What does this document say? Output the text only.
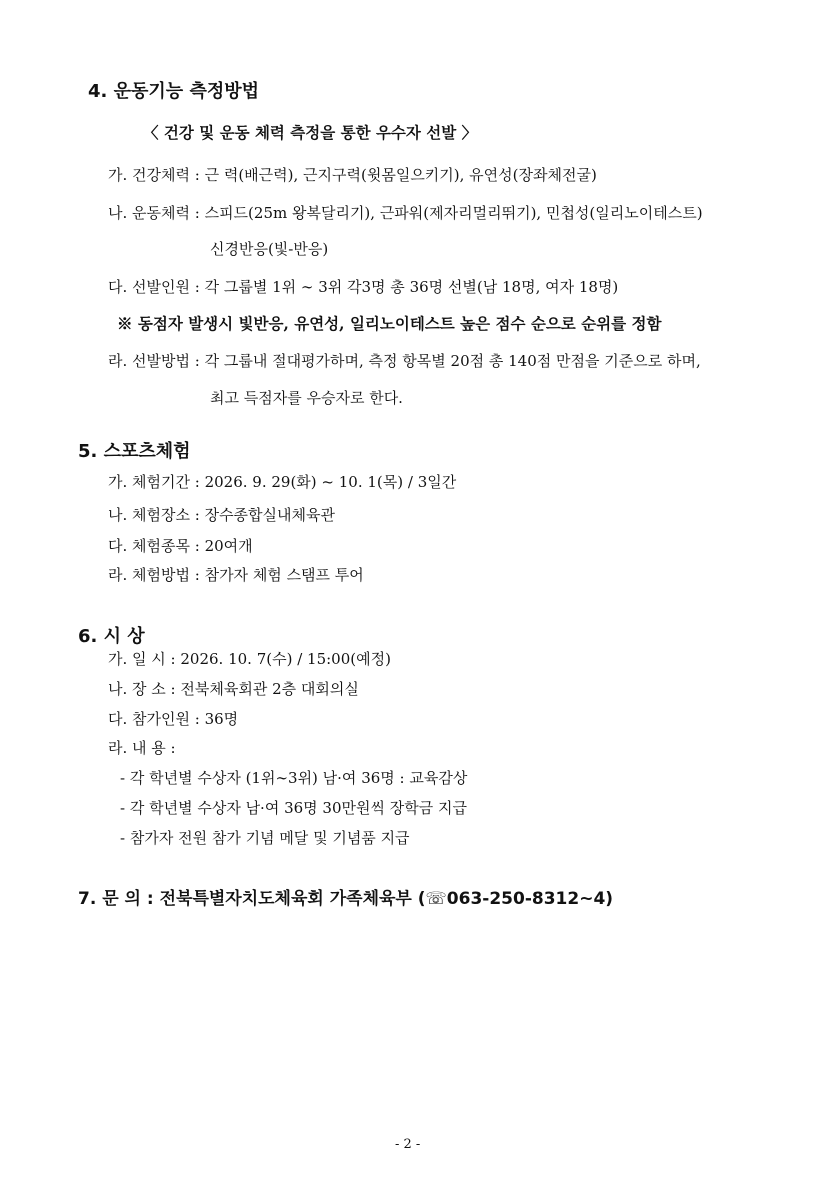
4. 운동기능 측정방법
〈 건강 및 운동 체력 측정을 통한 우수자 선발 〉
가. 건강체력 : 근 력(배근력), 근지구력(윗몸일으키기), 유연성(장좌체전굴)
나. 운동체력 : 스피드(25m 왕복달리기), 근파워(제자리멀리뛰기), 민첩성(일리노이테스트)
신경반응(빛-반응)
다. 선발인원 : 각 그룹별 1위 ∼ 3위 각3명 총 36명 선별(남 18명, 여자 18명)
※ 동점자 발생시 빛반응, 유연성, 일리노이테스트 높은 점수 순으로 순위를 정함
라. 선발방법 : 각 그룹내 절대평가하며, 측정 항목별 20점 총 140점 만점을 기준으로 하며,
최고 득점자를 우승자로 한다.
5. 스포츠체험
가. 체험기간 : 2026. 9. 29(화) ~ 10. 1(목) / 3일간
나. 체험장소 : 장수종합실내체육관
다. 체험종목 : 20여개
라. 체험방법 : 참가자 체험 스탬프 투어
6. 시 상
가. 일 시 : 2026. 10. 7(수) / 15:00(예정)
나. 장 소 : 전북체육회관 2층 대회의실
다. 참가인원 : 36명
라. 내 용 :
- 각 학년별 수상자 (1위∼3위) 남·여 36명 : 교육감상
- 각 학년별 수상자 남·여 36명 30만원씩 장학금 지급
- 참가자 전원 참가 기념 메달 및 기념품 지급
7. 문 의 : 전북특별자치도체육회 가족체육부 (☏063-250-8312~4)
- 2 -
